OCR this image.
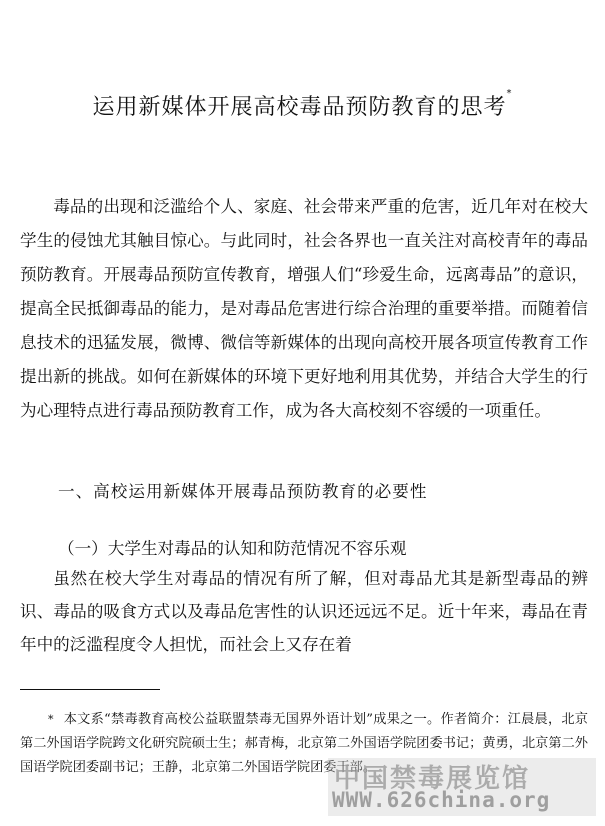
运用新媒体开展高校毒品预防教育的思考*

毒品的出现和泛滥给个人、家庭、社会带来严重的危害，近几年对在校大学生的侵蚀尤其触目惊心。与此同时，社会各界也一直关注对高校青年的毒品预防教育。开展毒品预防宣传教育，增强人们“珍爱生命，远离毒品”的意识，提高全民抵御毒品的能力，是对毒品危害进行综合治理的重要举措。而随着信息技术的迅猛发展，微博、微信等新媒体的出现向高校开展各项宣传教育工作提出新的挑战。如何在新媒体的环境下更好地利用其优势，并结合大学生的行为心理特点进行毒品预防教育工作，成为各大高校刻不容缓的一项重任。

一、高校运用新媒体开展毒品预防教育的必要性
（一）大学生对毒品的认知和防范情况不容乐观

虽然在校大学生对毒品的情况有所了解，但对毒品尤其是新型毒品的辨识、毒品的吸食方式以及毒品危害性的认识还远远不足。近十年来，毒品在青年中的泛滥程度令人担忧，而社会上又存在着

* 本文系“禁毒教育高校公益联盟禁毒无国界外语计划”成果之一。作者简介：江晨晨，北京第二外国语学院跨文化研究院硕士生；郝青梅，北京第二外国语学院团委书记；黄勇，北京第二外国语学院团委副书记；王静，北京第二外国语学院团委干部。
中国禁毒展览馆
WWW.626china.org
